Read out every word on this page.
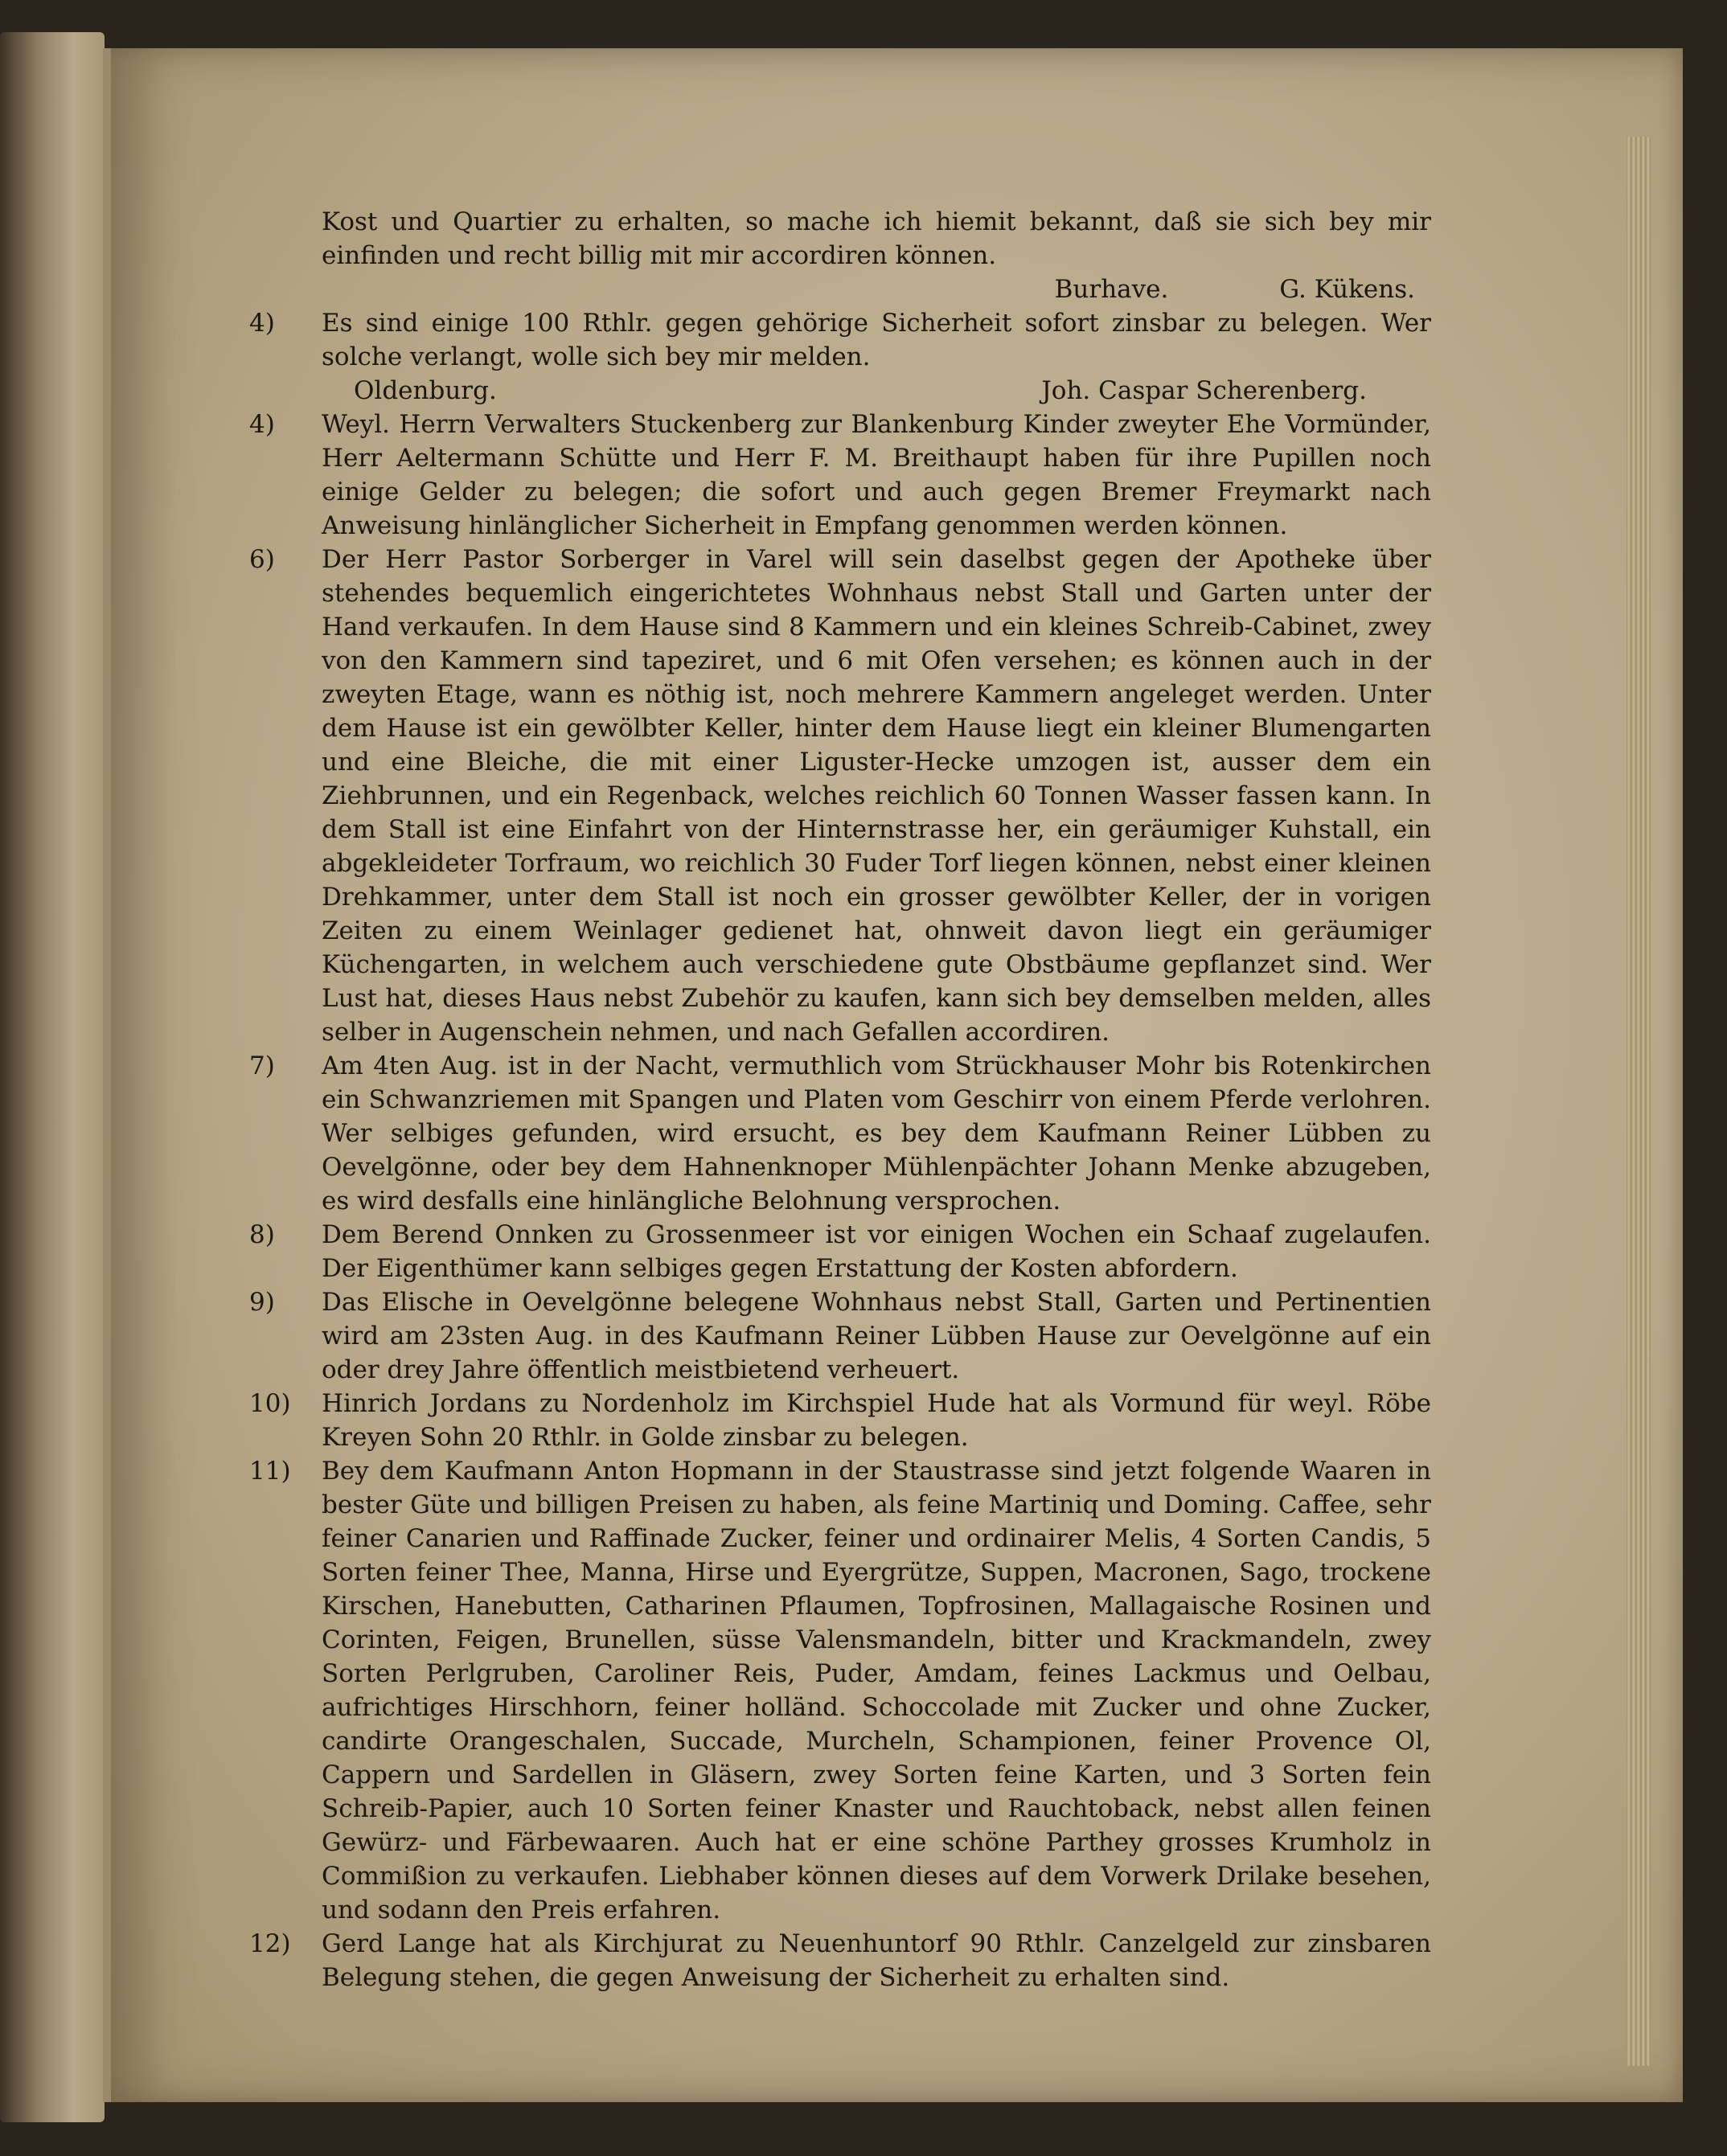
Kost und Quartier zu erhalten, so mache ich hiemit bekannt, daß sie sich bey mir einfinden und recht billig mit mir accordiren können.
Burhave.	G. Kükens.
4)	Es sind einige 100 Rthlr. gegen gehörige Sicherheit sofort zinsbar zu belegen. Wer solche verlangt, wolle sich bey mir melden.
Oldenburg.	Joh. Caspar Scherenberg.
4)	Weyl. Herrn Verwalters Stuckenberg zur Blankenburg Kinder zweyter Ehe Vormünder, Herr Aeltermann Schütte und Herr F. M. Breithaupt haben für ihre Pupillen noch einige Gelder zu belegen; die sofort und auch gegen Bremer Freymarkt nach Anweisung hinlänglicher Sicherheit in Empfang genommen werden können.
6)	Der Herr Pastor Sorberger in Varel will sein daselbst gegen der Apotheke über stehendes bequemlich eingerichtetes Wohnhaus nebst Stall und Garten unter der Hand verkaufen. In dem Hause sind 8 Kammern und ein kleines Schreib-Cabinet, zwey von den Kammern sind tapeziret, und 6 mit Ofen versehen; es können auch in der zweyten Etage, wann es nöthig ist, noch mehrere Kammern angeleget werden. Unter dem Hause ist ein gewölbter Keller, hinter dem Hause liegt ein kleiner Blumengarten und eine Bleiche, die mit einer Liguster-Hecke umzogen ist, ausser dem ein Ziehbrunnen, und ein Regenback, welches reichlich 60 Tonnen Wasser fassen kann. In dem Stall ist eine Einfahrt von der Hinternstrasse her, ein geräumiger Kuhstall, ein abgekleideter Torfraum, wo reichlich 30 Fuder Torf liegen können, nebst einer kleinen Drehkammer, unter dem Stall ist noch ein grosser gewölbter Keller, der in vorigen Zeiten zu einem Weinlager gedienet hat, ohnweit davon liegt ein geräumiger Küchengarten, in welchem auch verschiedene gute Obstbäume gepflanzet sind. Wer Lust hat, dieses Haus nebst Zubehör zu kaufen, kann sich bey demselben melden, alles selber in Augenschein nehmen, und nach Gefallen accordiren.
7)	Am 4ten Aug. ist in der Nacht, vermuthlich vom Strückhauser Mohr bis Rotenkirchen ein Schwanzriemen mit Spangen und Platen vom Geschirr von einem Pferde verlohren. Wer selbiges gefunden, wird ersucht, es bey dem Kaufmann Reiner Lübben zu Oevelgönne, oder bey dem Hahnenknoper Mühlenpächter Johann Menke abzugeben, es wird desfalls eine hinlängliche Belohnung versprochen.
8)	Dem Berend Onnken zu Grossenmeer ist vor einigen Wochen ein Schaaf zugelaufen. Der Eigenthümer kann selbiges gegen Erstattung der Kosten abfordern.
9)	Das Elische in Oevelgönne belegene Wohnhaus nebst Stall, Garten und Pertinentien wird am 23sten Aug. in des Kaufmann Reiner Lübben Hause zur Oevelgönne auf ein oder drey Jahre öffentlich meistbietend verheuert.
10)	Hinrich Jordans zu Nordenholz im Kirchspiel Hude hat als Vormund für weyl. Röbe Kreyen Sohn 20 Rthlr. in Golde zinsbar zu belegen.
11)	Bey dem Kaufmann Anton Hopmann in der Staustrasse sind jetzt folgende Waaren in bester Güte und billigen Preisen zu haben, als feine Martiniq und Doming. Caffee, sehr feiner Canarien und Raffinade Zucker, feiner und ordinairer Melis, 4 Sorten Candis, 5 Sorten feiner Thee, Manna, Hirse und Eyergrütze, Suppen, Macronen, Sago, trockene Kirschen, Hanebutten, Catharinen Pflaumen, Topfrosinen, Mallagaische Rosinen und Corinten, Feigen, Brunellen, süsse Valensmandeln, bitter und Krackmandeln, zwey Sorten Perlgruben, Caroliner Reis, Puder, Amdam, feines Lackmus und Oelbau, aufrichtiges Hirschhorn, feiner holländ. Schoccolade mit Zucker und ohne Zucker, candirte Orangeschalen, Succade, Murcheln, Schampionen, feiner Provence Ol, Cappern und Sardellen in Gläsern, zwey Sorten feine Karten, und 3 Sorten fein Schreib-Papier, auch 10 Sorten feiner Knaster und Rauchtoback, nebst allen feinen Gewürz- und Färbewaaren. Auch hat er eine schöne Parthey grosses Krumholz in Commißion zu verkaufen. Liebhaber können dieses auf dem Vorwerk Drilake besehen, und sodann den Preis erfahren.
12)	Gerd Lange hat als Kirchjurat zu Neuenhuntorf 90 Rthlr. Canzelgeld zur zinsbaren Belegung stehen, die gegen Anweisung der Sicherheit zu erhalten sind.
